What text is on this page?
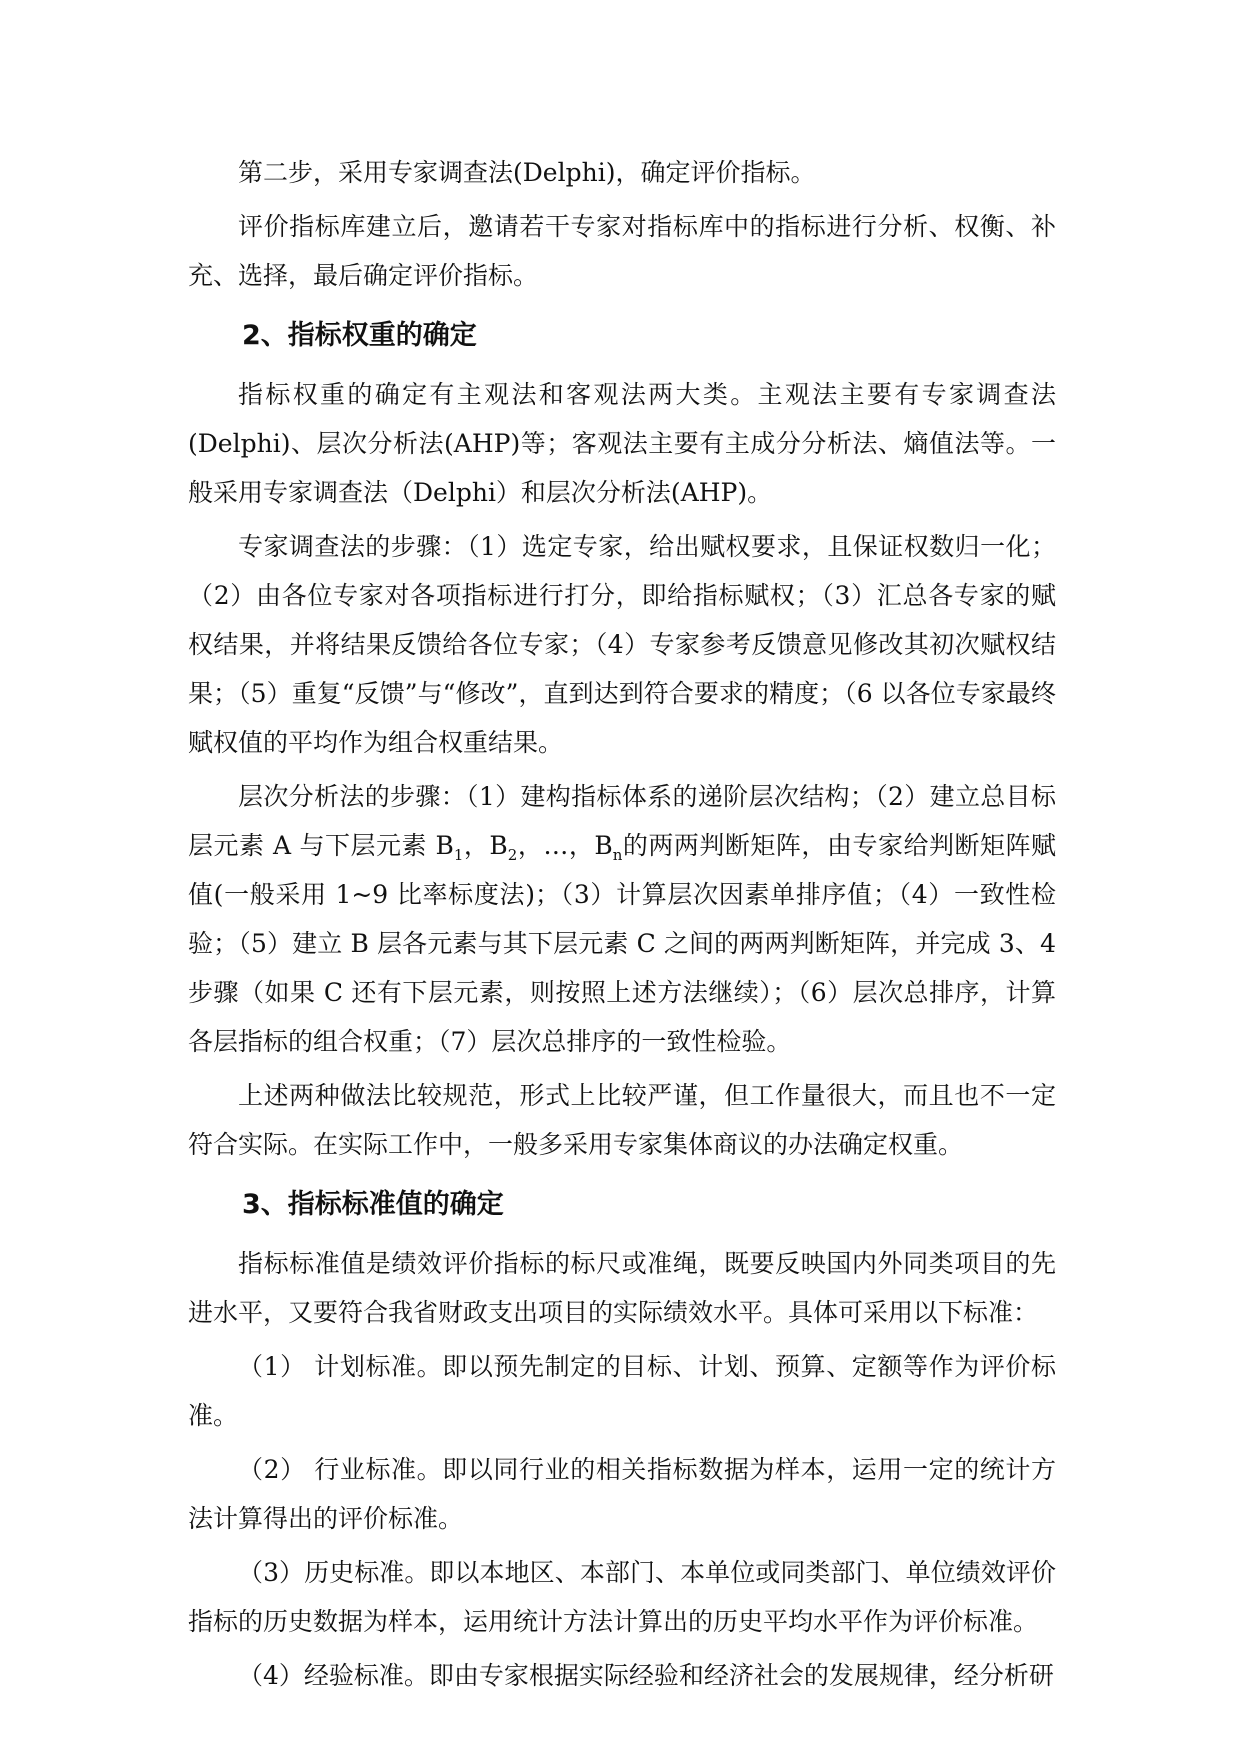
第二步，采用专家调查法(Delphi)，确定评价指标。

评价指标库建立后，邀请若干专家对指标库中的指标进行分析、权衡、补充、选择，最后确定评价指标。

2、指标权重的确定

指标权重的确定有主观法和客观法两大类。主观法主要有专家调查法(Delphi)、层次分析法(AHP)等；客观法主要有主成分分析法、熵值法等。一般采用专家调查法（Delphi）和层次分析法(AHP)。

专家调查法的步骤：（1）选定专家，给出赋权要求，且保证权数归一化；（2）由各位专家对各项指标进行打分，即给指标赋权；（3）汇总各专家的赋权结果，并将结果反馈给各位专家；（4）专家参考反馈意见修改其初次赋权结果；（5）重复“反馈”与“修改”，直到达到符合要求的精度；（6 以各位专家最终赋权值的平均作为组合权重结果。

层次分析法的步骤：（1）建构指标体系的递阶层次结构；（2）建立总目标层元素 A 与下层元素 $B_1$，$B_2$，…，$B_n$的两两判断矩阵，由专家给判断矩阵赋值(一般采用 1~9 比率标度法)；（3）计算层次因素单排序值；（4）一致性检验；（5）建立 B 层各元素与其下层元素 C 之间的两两判断矩阵，并完成 3、4 步骤（如果 C 还有下层元素，则按照上述方法继续）；（6）层次总排序，计算各层指标的组合权重；（7）层次总排序的一致性检验。

上述两种做法比较规范，形式上比较严谨，但工作量很大，而且也不一定符合实际。在实际工作中，一般多采用专家集体商议的办法确定权重。

3、指标标准值的确定

指标标准值是绩效评价指标的标尺或准绳，既要反映国内外同类项目的先进水平，又要符合我省财政支出项目的实际绩效水平。具体可采用以下标准：

（1） 计划标准。即以预先制定的目标、计划、预算、定额等作为评价标准。

（2） 行业标准。即以同行业的相关指标数据为样本，运用一定的统计方法计算得出的评价标准。

（3）历史标准。即以本地区、本部门、本单位或同类部门、单位绩效评价指标的历史数据为样本，运用统计方法计算出的历史平均水平作为评价标准。

（4）经验标准。即由专家根据实际经验和经济社会的发展规律，经分析研
